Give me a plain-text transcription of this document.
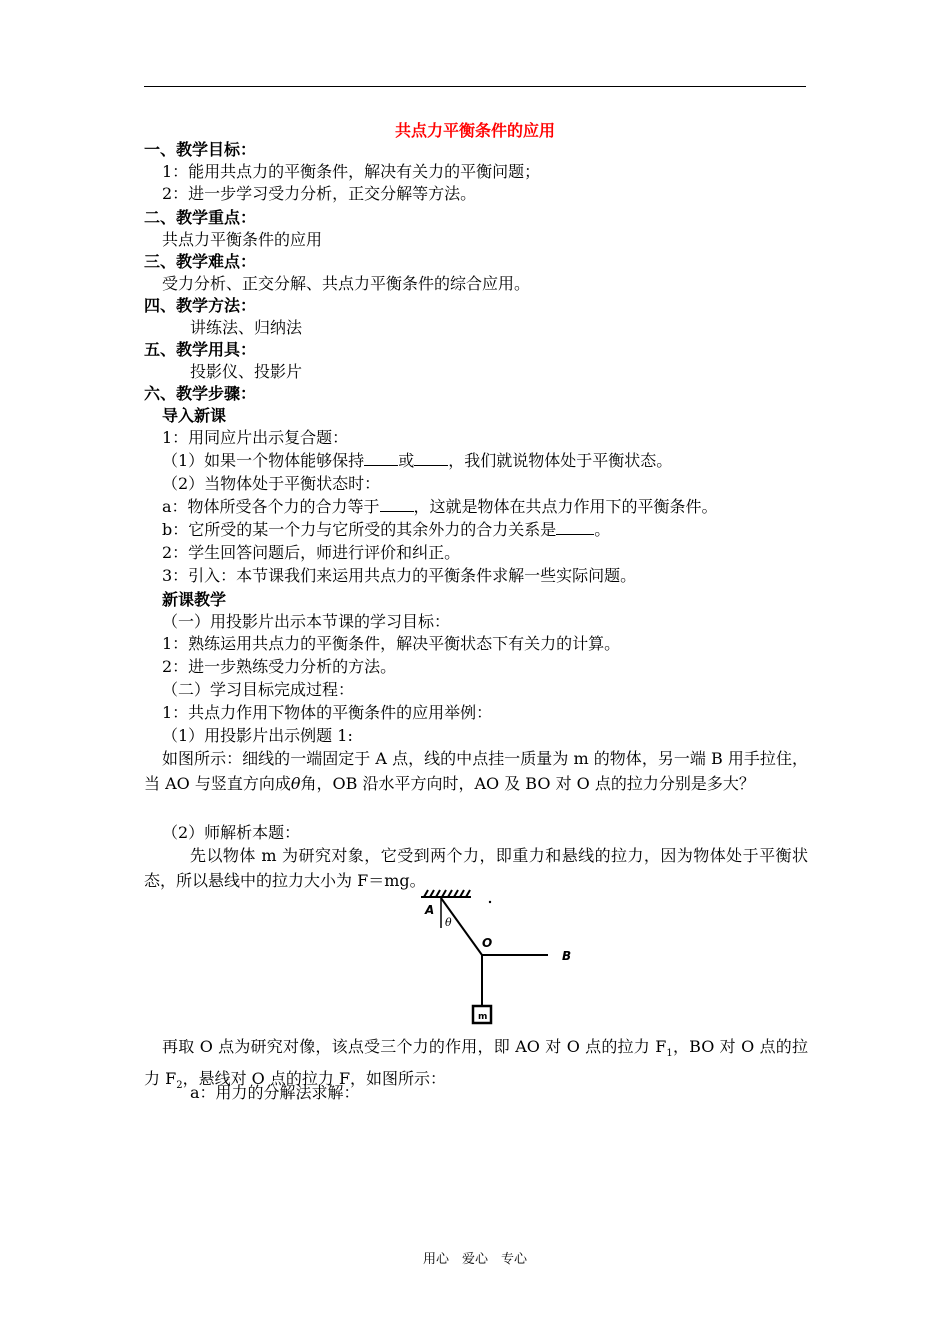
共点力平衡条件的应用
一、教学目标：
1：能用共点力的平衡条件，解决有关力的平衡问题；
2：进一步学习受力分析，正交分解等方法。
二、教学重点：
共点力平衡条件的应用
三、教学难点：
受力分析、正交分解、共点力平衡条件的综合应用。
四、教学方法：
讲练法、归纳法
五、教学用具：
投影仪、投影片
六、教学步骤：
导入新课
1：用同应片出示复合题：
（1）如果一个物体能够保持 或 ，我们就说物体处于平衡状态。
（2）当物体处于平衡状态时：
a：物体所受各个力的合力等于 ，这就是物体在共点力作用下的平衡条件。
b：它所受的某一个力与它所受的其余外力的合力关系是 。
2：学生回答问题后，师进行评价和纠正。
3：引入：本节课我们来运用共点力的平衡条件求解一些实际问题。
新课教学
（一）用投影片出示本节课的学习目标：
1：熟练运用共点力的平衡条件，解决平衡状态下有关力的计算。
2：进一步熟练受力分析的方法。
（二）学习目标完成过程：
1：共点力作用下物体的平衡条件的应用举例：
（1）用投影片出示例题 1:
如图所示：细线的一端固定于 A 点，线的中点挂一质量为 m 的物体，另一端 B 用手拉住，当 AO 与竖直方向成θ角，OB 沿水平方向时，AO 及 BO 对 O 点的拉力分别是多大？
（2）师解析本题：
先以物体 m 为研究对象，它受到两个力，即重力和悬线的拉力，因为物体处于平衡状态，所以悬线中的拉力大小为 F＝mg。
A
θ
O
B
m
再取 O 点为研究对像，该点受三个力的作用，即 AO 对 O 点的拉力 $F_1$，BO 对 O 点的拉力 $F_2$，悬线对 O 点的拉力 F，如图所示：
a：用力的分解法求解：
用心　爱心　专心
